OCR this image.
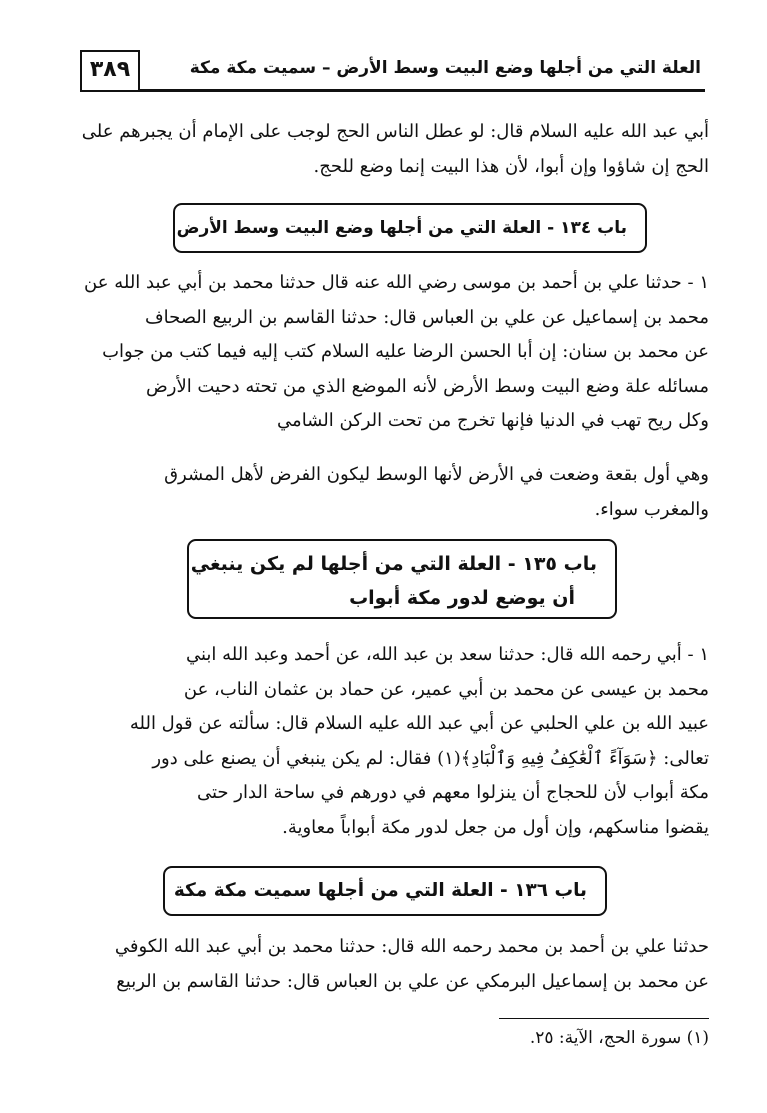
العلة التي من أجلها وضع البيت وسط الأرض – سميت مكة مكة
٣٨٩
أبي عبد الله عليه السلام قال: لو عطل الناس الحج لوجب على الإمام أن يجبرهم على
الحج إن شاؤوا وإن أبوا، لأن هذا البيت إنما وضع للحج.
باب ١٣٤ - العلة التي من أجلها وضع البيت وسط الأرض
١ - حدثنا علي بن أحمد بن موسى رضي الله عنه قال حدثنا محمد بن أبي عبد الله عن
محمد بن إسماعيل عن علي بن العباس قال: حدثنا القاسم بن الربيع الصحاف
عن محمد بن سنان: إن أبا الحسن الرضا عليه السلام كتب إليه فيما كتب من جواب
مسائله علة وضع البيت وسط الأرض لأنه الموضع الذي من تحته دحيت الأرض
وكل ريح تهب في الدنيا فإنها تخرج من تحت الركن الشامي
وهي أول بقعة وضعت في الأرض لأنها الوسط ليكون الفرض لأهل المشرق
والمغرب سواء.
باب ١٣٥ - العلة التي من أجلها لم يكن ينبغي
أن يوضع لدور مكة أبواب
١ - أبي رحمه الله قال: حدثنا سعد بن عبد الله، عن أحمد وعبد الله ابني
محمد بن عيسى عن محمد بن أبي عمير، عن حماد بن عثمان الناب، عن
عبيد الله بن علي الحلبي عن أبي عبد الله عليه السلام قال: سألته عن قول الله
تعالى: ﴿سَوَآءً ٱلْعَٰكِفُ فِيهِ وَٱلْبَادِ﴾(١) فقال: لم يكن ينبغي أن يصنع على دور
مكة أبواب لأن للحجاج أن ينزلوا معهم في دورهم في ساحة الدار حتى
يقضوا مناسكهم، وإن أول من جعل لدور مكة أبواباً معاوية.
باب ١٣٦ - العلة التي من أجلها سميت مكة مكة
حدثنا علي بن أحمد بن محمد رحمه الله قال: حدثنا محمد بن أبي عبد الله الكوفي
عن محمد بن إسماعيل البرمكي عن علي بن العباس قال: حدثنا القاسم بن الربيع
(١) سورة الحج، الآية: ٢٥.
